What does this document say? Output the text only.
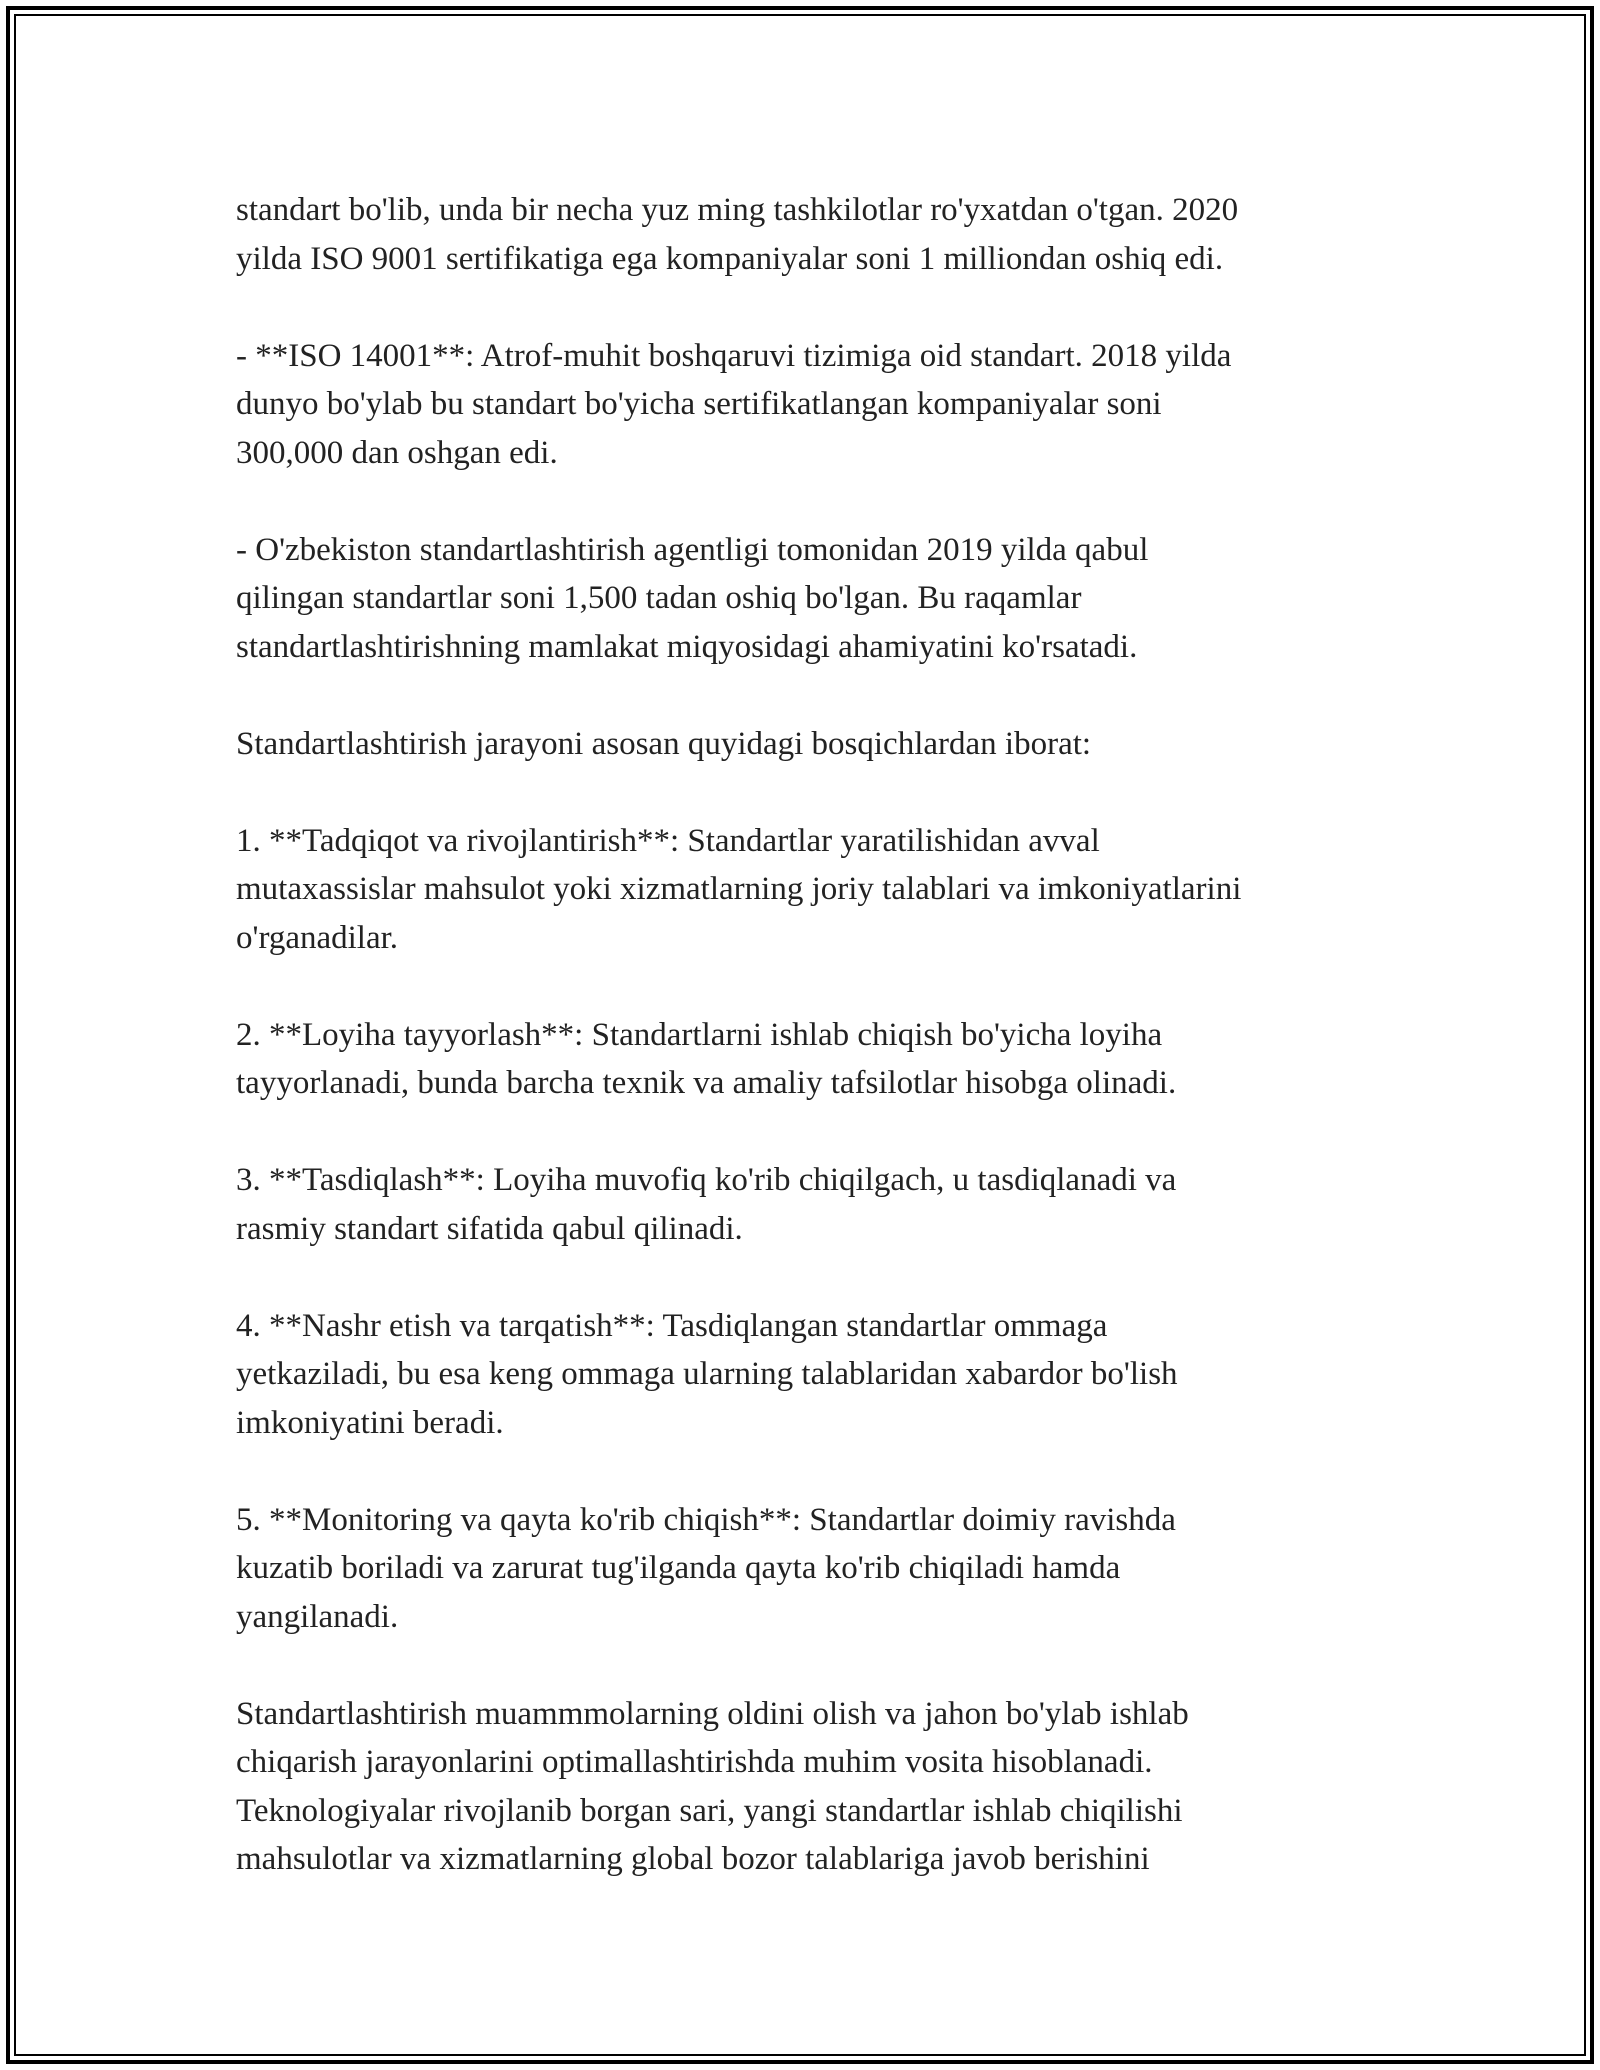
standart bo'lib, unda bir necha yuz ming tashkilotlar ro'yxatdan o'tgan. 2020
yilda ISO 9001 sertifikatiga ega kompaniyalar soni 1 milliondan oshiq edi.
- **ISO 14001**: Atrof-muhit boshqaruvi tizimiga oid standart. 2018 yilda
dunyo bo'ylab bu standart bo'yicha sertifikatlangan kompaniyalar soni
300,000 dan oshgan edi.
- O'zbekiston standartlashtirish agentligi tomonidan 2019 yilda qabul
qilingan standartlar soni 1,500 tadan oshiq bo'lgan. Bu raqamlar
standartlashtirishning mamlakat miqyosidagi ahamiyatini ko'rsatadi.
Standartlashtirish jarayoni asosan quyidagi bosqichlardan iborat:
1. **Tadqiqot va rivojlantirish**: Standartlar yaratilishidan avval
mutaxassislar mahsulot yoki xizmatlarning joriy talablari va imkoniyatlarini
o'rganadilar.
2. **Loyiha tayyorlash**: Standartlarni ishlab chiqish bo'yicha loyiha
tayyorlanadi, bunda barcha texnik va amaliy tafsilotlar hisobga olinadi.
3. **Tasdiqlash**: Loyiha muvofiq ko'rib chiqilgach, u tasdiqlanadi va
rasmiy standart sifatida qabul qilinadi.
4. **Nashr etish va tarqatish**: Tasdiqlangan standartlar ommaga
yetkaziladi, bu esa keng ommaga ularning talablaridan xabardor bo'lish
imkoniyatini beradi.
5. **Monitoring va qayta ko'rib chiqish**: Standartlar doimiy ravishda
kuzatib boriladi va zarurat tug'ilganda qayta ko'rib chiqiladi hamda
yangilanadi.
Standartlashtirish muammmolarning oldini olish va jahon bo'ylab ishlab
chiqarish jarayonlarini optimallashtirishda muhim vosita hisoblanadi.
Teknologiyalar rivojlanib borgan sari, yangi standartlar ishlab chiqilishi
mahsulotlar va xizmatlarning global bozor talablariga javob berishini
